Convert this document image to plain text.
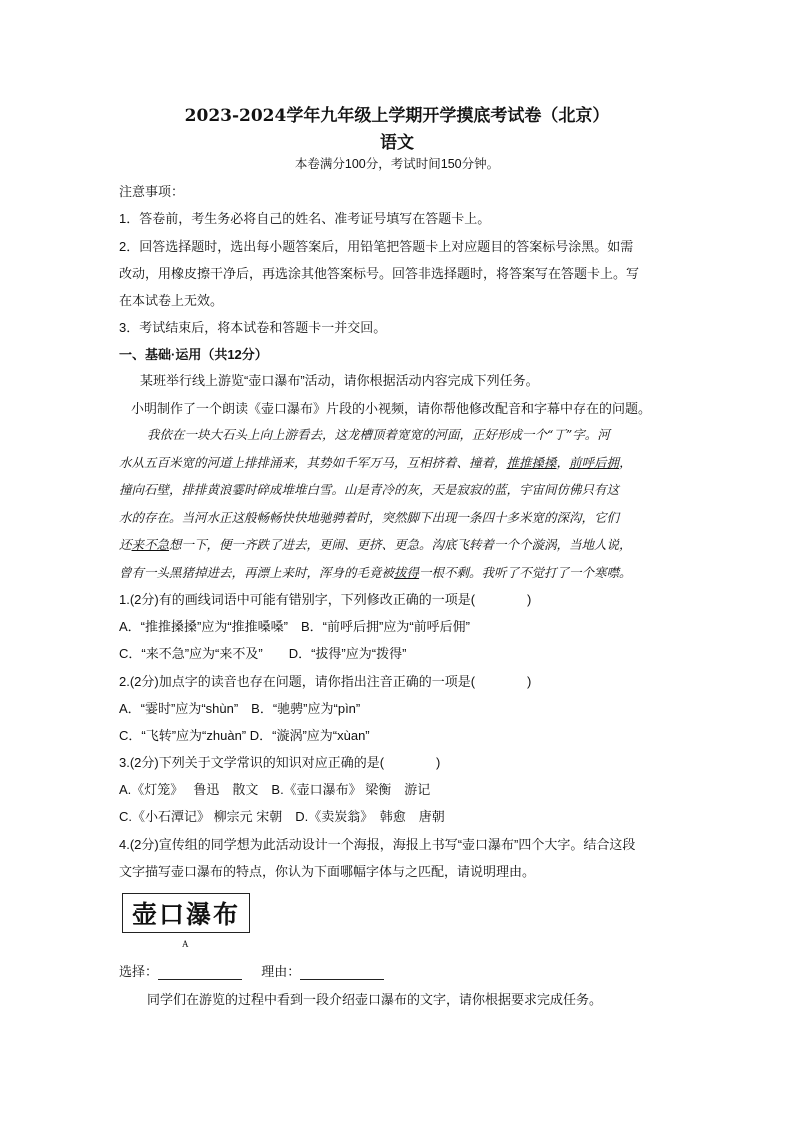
2023-2024学年九年级上学期开学摸底考试卷（北京）
语文
本卷满分100分，考试时间150分钟。
注意事项：
1．答卷前，考生务必将自己的姓名、准考证号填写在答题卡上。
2．回答选择题时，选出每小题答案后，用铅笔把答题卡上对应题目的答案标号涂黑。如需
改动，用橡皮擦干净后，再选涂其他答案标号。回答非选择题时，将答案写在答题卡上。写
在本试卷上无效。
3．考试结束后，将本试卷和答题卡一并交回。
一、基础·运用（共12分）
某班举行线上游览“壶口瀑布”活动，请你根据活动内容完成下列任务。
小明制作了一个朗读《壶口瀑布》片段的小视频，请你帮他修改配音和字幕中存在的问题。

我依在一块大石头上向上游看去，这龙槽顶着宽宽的河面，正好形成一个“丁”字。河

水从五百米宽的河道上排排涌来，其势如千军万马，互相挤着、撞着，推推搡搡，前呼后拥，

撞向石壁，排排黄浪霎时碎成堆堆白雪。山是青冷的灰，天是寂寂的蓝，宇宙间仿佛只有这

水的存在。当河水正这般畅畅快快地驰骋着时，突然脚下出现一条四十多米宽的深沟，它们

还来不急想一下，便一齐跌了进去，更闹、更挤、更急。沟底飞转着一个个漩涡，当地人说，

曾有一头黑猪掉进去，再漂上来时，浑身的毛竟被拔得一根不剩。我听了不觉打了一个寒噤。

1.(2分)有的画线词语中可能有错别字，下列修改正确的一项是(　　　　)
A．“推推搡搡”应为“推推嗓嗓”　B．“前呼后拥”应为“前呼后佣”
C．“来不急”应为“来不及”　　D．“拔得”应为“拨得”
2.(2分)加点字的读音也存在问题，请你指出注音正确的一项是(　　　　)
A．“霎时”应为“shùn”　B．“驰骋”应为“pìn”
C．“飞转”应为“zhuàn” D．“漩涡”应为“xùan”
3.(2分)下列关于文学常识的知识对应正确的是(　　　　)
A.《灯笼》　 鲁迅　散文　B.《壶口瀑布》 梁衡　游记
C.《小石潭记》 柳宗元 宋朝　D.《卖炭翁》　韩愈　唐朝
4.(2分)宣传组的同学想为此活动设计一个海报，海报上书写“壶口瀑布”四个大字。结合这段
文字描写壶口瀑布的特点，你认为下面哪幅字体与之匹配，请说明理由。
壶口瀑布
A
选择：	理由：
同学们在游览的过程中看到一段介绍壶口瀑布的文字，请你根据要求完成任务。
